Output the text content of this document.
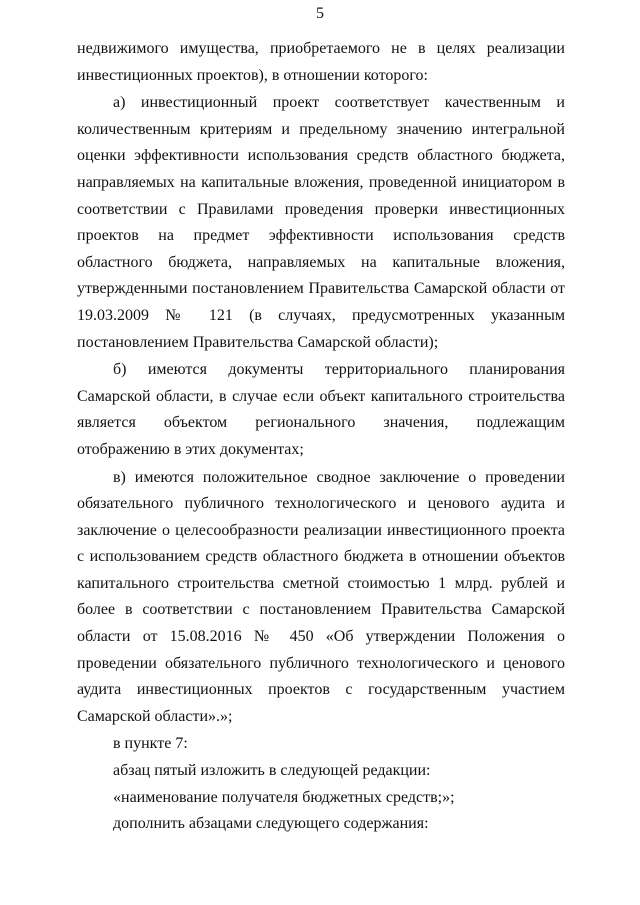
5

недвижимого имущества, приобретаемого не в целях реализации инвестиционных проектов), в отношении которого:

а) инвестиционный проект соответствует качественным и количественным критериям и предельному значению интегральной оценки эффективности использования средств областного бюджета, направляемых на капитальные вложения, проведенной инициатором в соответствии с Правилами проведения проверки инвестиционных проектов на предмет эффективности использования средств областного бюджета, направляемых на капитальные вложения, утвержденными постановлением Правительства Самарской области от 19.03.2009 № 121 (в случаях, предусмотренных указанным постановлением Правительства Самарской области);

б) имеются документы территориального планирования Самарской области, в случае если объект капитального строительства является объектом регионального значения, подлежащим отображению в этих документах;

в) имеются положительное сводное заключение о проведении обязательного публичного технологического и ценового аудита и заключение о целесообразности реализации инвестиционного проекта с использованием средств областного бюджета в отношении объектов капитального строительства сметной стоимостью 1 млрд. рублей и более в соответствии с постановлением Правительства Самарской области от 15.08.2016 № 450 «Об утверждении Положения о проведении обязательного публичного технологического и ценового аудита инвестиционных проектов с государственным участием Самарской области».»;

в пункте 7:

абзац пятый изложить в следующей редакции:

«наименование получателя бюджетных средств;»;

дополнить абзацами следующего содержания:
